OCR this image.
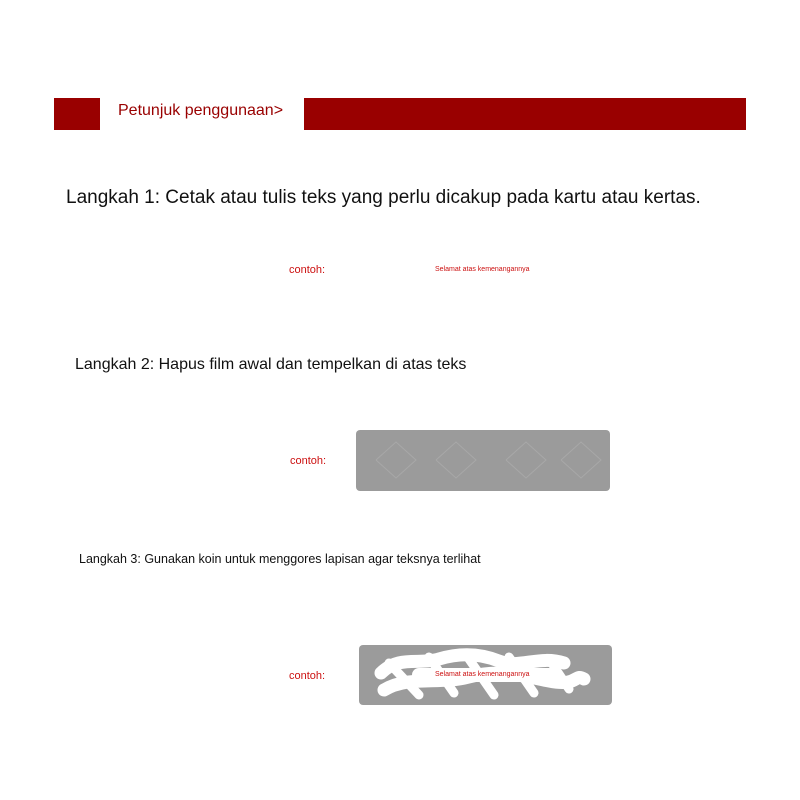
Petunjuk penggunaan>
Langkah 1: Cetak atau tulis teks yang perlu dicakup pada kartu atau kertas.
contoh:	Selamat atas kemenangannya
Langkah 2: Hapus film awal dan tempelkan di atas teks
contoh:
Langkah 3: Gunakan koin untuk menggores lapisan agar teksnya terlihat
contoh:	Selamat atas kemenangannya
